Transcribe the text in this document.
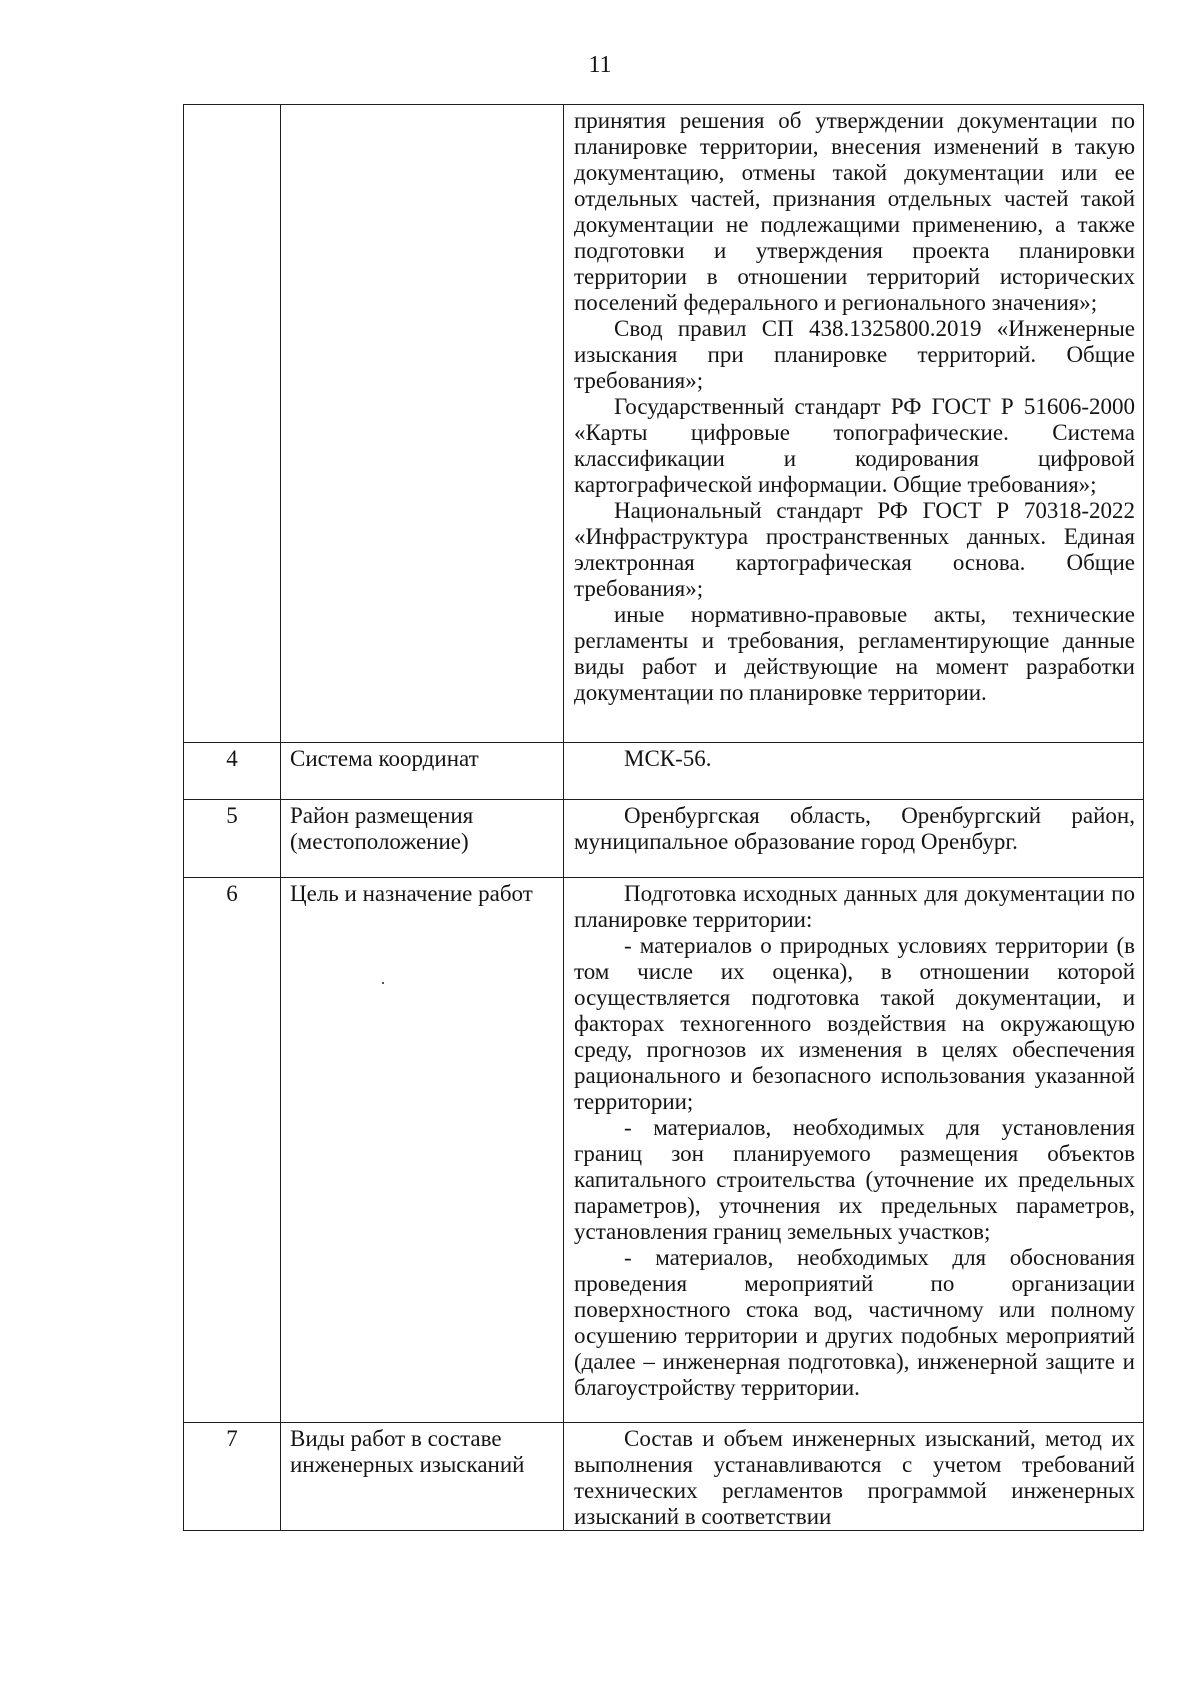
11

		принятия решения об утверждении документации по планировке территории, внесения изменений в такую документацию, отмены такой документации или ее отдельных частей, признания отдельных частей такой документации не подлежащими применению, а также подготовки и утверждения проекта планировки территории в отношении территорий исторических поселений федерального и регионального значения»;

Свод правил СП 438.1325800.2019 «Инженерные изыскания при планировке территорий. Общие требования»;

Государственный стандарт РФ ГОСТ Р 51606-2000 «Карты цифровые топографические. Система классификации и кодирования цифровой картографической информации. Общие требования»;

Национальный стандарт РФ ГОСТ Р 70318-2022 «Инфраструктура пространственных данных. Единая электронная картографическая основа. Общие требования»;

иные нормативно-правовые акты, технические регламенты и требования, регламентирующие данные виды работ и действующие на момент разработки документации по планировке территории.

4	Система координат	МСК-56.

5	Район размещения (местоположение)	Оренбургская область, Оренбургский район, муниципальное образование город Оренбург.

6	Цель и назначение работ	Подготовка исходных данных для документации по планировке территории:

- материалов о природных условиях территории (в том числе их оценка), в отношении которой осуществляется подготовка такой документации, и факторах техногенного воздействия на окружающую среду, прогнозов их изменения в целях обеспечения рационального и безопасного использования указанной территории;

- материалов, необходимых для установления границ зон планируемого размещения объектов капитального строительства (уточнение их предельных параметров), уточнения их предельных параметров, установления границ земельных участков;

- материалов, необходимых для обоснования проведения мероприятий по организации поверхностного стока вод, частичному или полному осушению территории и других подобных мероприятий (далее – инженерная подготовка), инженерной защите и благоустройству территории.

7	Виды работ в составе инженерных изысканий	Состав и объем инженерных изысканий, метод их выполнения устанавливаются с учетом требований технических регламентов программой инженерных изысканий в соответствии
